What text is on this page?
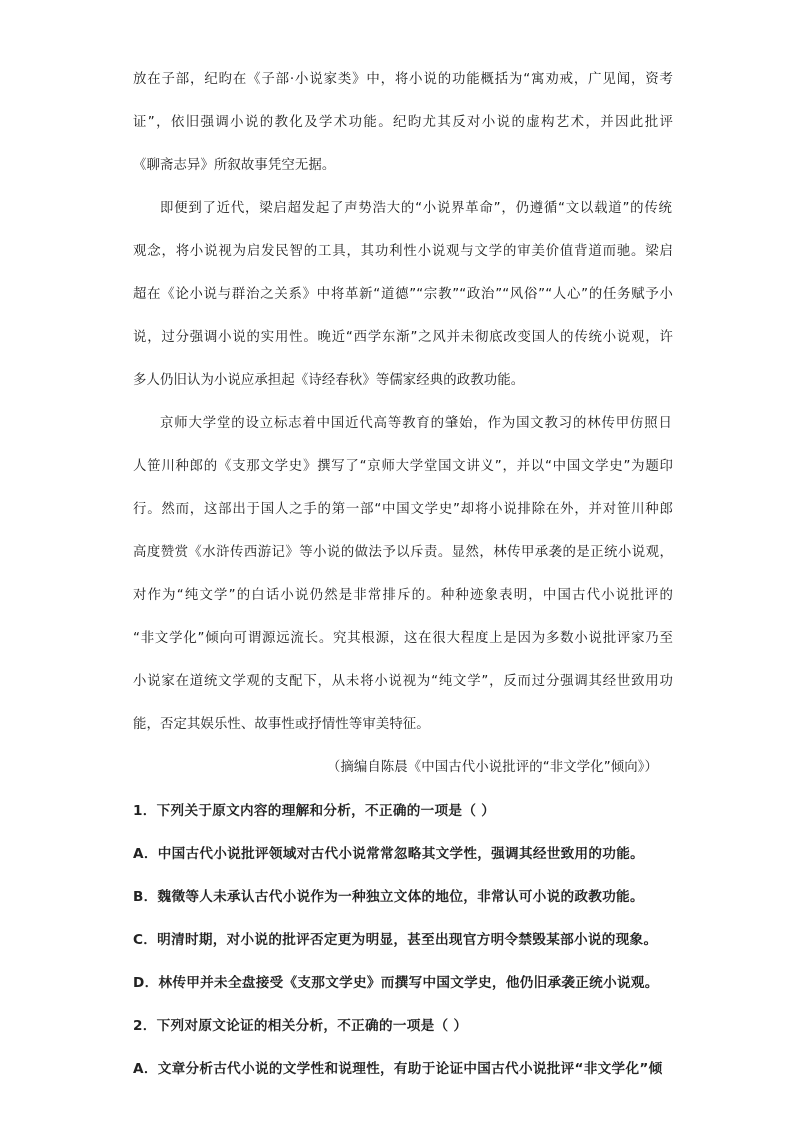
放在子部，纪昀在《子部·小说家类》中，将小说的功能概括为“寓劝戒，广见闻，资考
证”，依旧强调小说的教化及学术功能。纪昀尤其反对小说的虚构艺术，并因此批评
《聊斋志异》所叙故事凭空无据。
即便到了近代，梁启超发起了声势浩大的“小说界革命”，仍遵循“文以载道”的传统
观念，将小说视为启发民智的工具，其功利性小说观与文学的审美价值背道而驰。梁启
超在《论小说与群治之关系》中将革新“道德”“宗教”“政治”“风俗”“人心”的任务赋予小
说，过分强调小说的实用性。晚近“西学东渐”之风并未彻底改变国人的传统小说观，许
多人仍旧认为小说应承担起《诗经春秋》等儒家经典的政教功能。
京师大学堂的设立标志着中国近代高等教育的肇始，作为国文教习的林传甲仿照日
人笹川种郎的《支那文学史》撰写了“京师大学堂国文讲义”，并以“中国文学史”为题印
行。然而，这部出于国人之手的第一部“中国文学史”却将小说排除在外，并对笹川种郎
高度赞赏《水浒传西游记》等小说的做法予以斥责。显然，林传甲承袭的是正统小说观，
对作为“纯文学”的白话小说仍然是非常排斥的。种种迹象表明，中国古代小说批评的
“非文学化”倾向可谓源远流长。究其根源，这在很大程度上是因为多数小说批评家乃至
小说家在道统文学观的支配下，从未将小说视为“纯文学”，反而过分强调其经世致用功
能，否定其娱乐性、故事性或抒情性等审美特征。
（摘编自陈晨《中国古代小说批评的“非文学化”倾向》）
1．下列关于原文内容的理解和分析，不正确的一项是（ ）
A．中国古代小说批评领域对古代小说常常忽略其文学性，强调其经世致用的功能。
B．魏徵等人未承认古代小说作为一种独立文体的地位，非常认可小说的政教功能。
C．明清时期，对小说的批评否定更为明显，甚至出现官方明令禁毁某部小说的现象。
D．林传甲并未全盘接受《支那文学史》而撰写中国文学史，他仍旧承袭正统小说观。
2．下列对原文论证的相关分析，不正确的一项是（ ）
A．文章分析古代小说的文学性和说理性，有助于论证中国古代小说批评“非文学化”倾
